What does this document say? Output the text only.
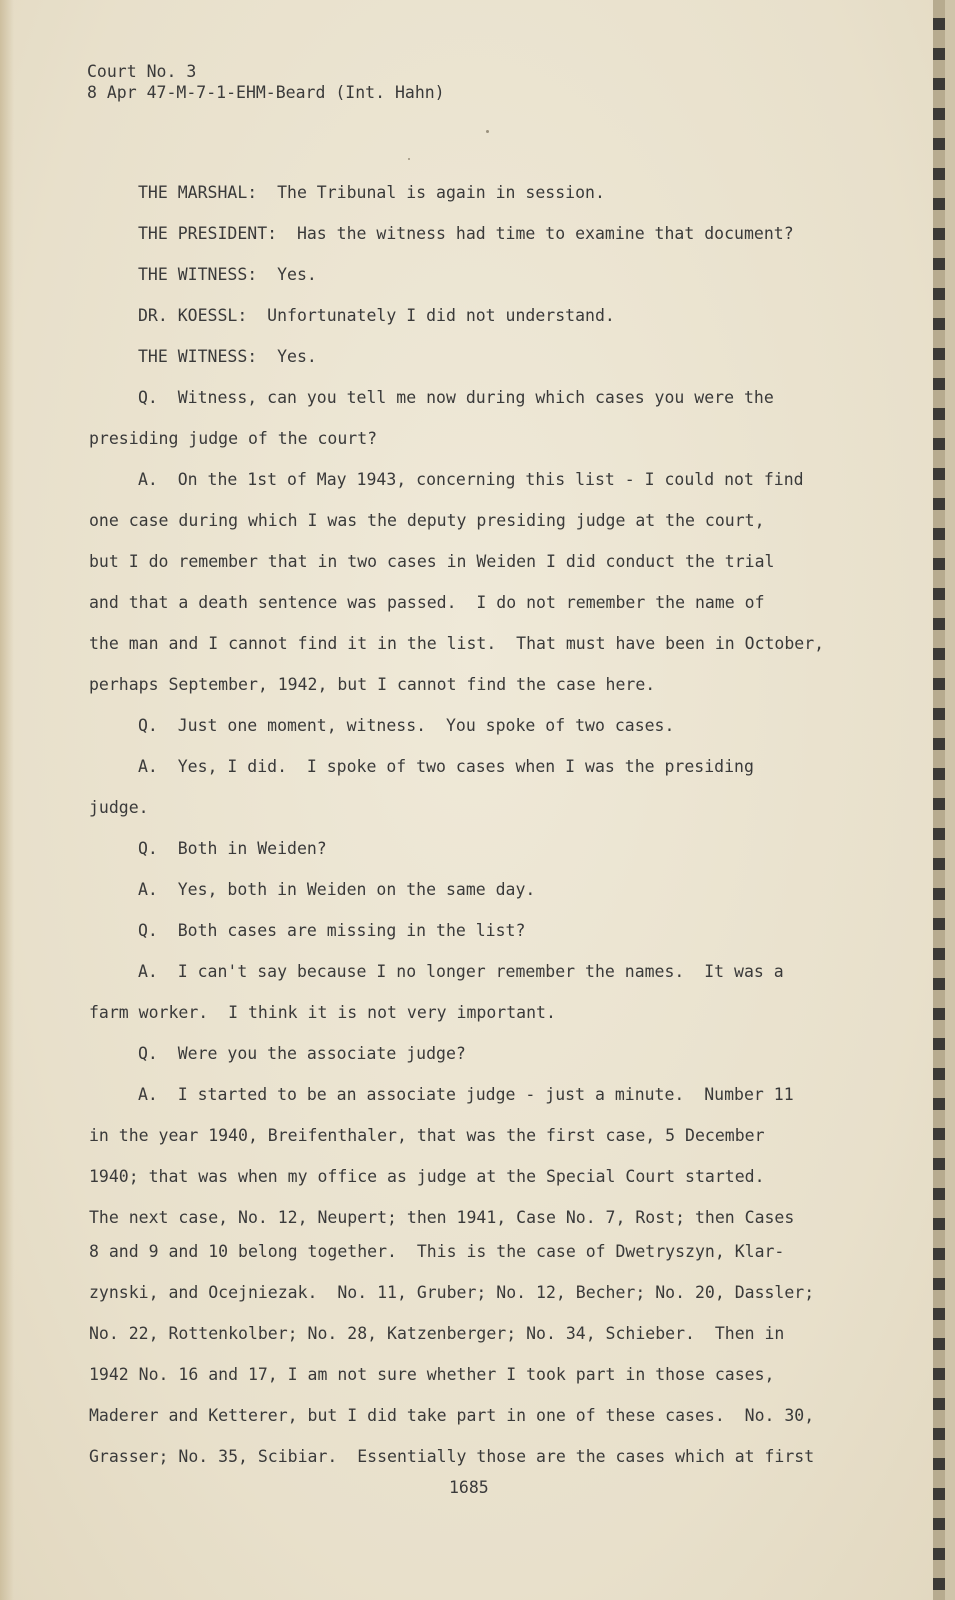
Court No. 3
8 Apr 47-M-7-1-EHM-Beard (Int. Hahn)
THE MARSHAL:  The Tribunal is again in session.
THE PRESIDENT:  Has the witness had time to examine that document?
THE WITNESS:  Yes.
DR. KOESSL:  Unfortunately I did not understand.
THE WITNESS:  Yes.
Q.  Witness, can you tell me now during which cases you were the
presiding judge of the court?
A.  On the 1st of May 1943, concerning this list - I could not find
one case during which I was the deputy presiding judge at the court,
but I do remember that in two cases in Weiden I did conduct the trial
and that a death sentence was passed.  I do not remember the name of
the man and I cannot find it in the list.  That must have been in October,
perhaps September, 1942, but I cannot find the case here.
Q.  Just one moment, witness.  You spoke of two cases.
A.  Yes, I did.  I spoke of two cases when I was the presiding
judge.
Q.  Both in Weiden?
A.  Yes, both in Weiden on the same day.
Q.  Both cases are missing in the list?
A.  I can't say because I no longer remember the names.  It was a
farm worker.  I think it is not very important.
Q.  Were you the associate judge?
A.  I started to be an associate judge - just a minute.  Number 11
in the year 1940, Breifenthaler, that was the first case, 5 December
1940; that was when my office as judge at the Special Court started.
The next case, No. 12, Neupert; then 1941, Case No. 7, Rost; then Cases
8 and 9 and 10 belong together.  This is the case of Dwetryszyn, Klar-
zynski, and Ocejniezak.  No. 11, Gruber; No. 12, Becher; No. 20, Dassler;
No. 22, Rottenkolber; No. 28, Katzenberger; No. 34, Schieber.  Then in
1942 No. 16 and 17, I am not sure whether I took part in those cases,
Maderer and Ketterer, but I did take part in one of these cases.  No. 30,
Grasser; No. 35, Scibiar.  Essentially those are the cases which at first
1685
